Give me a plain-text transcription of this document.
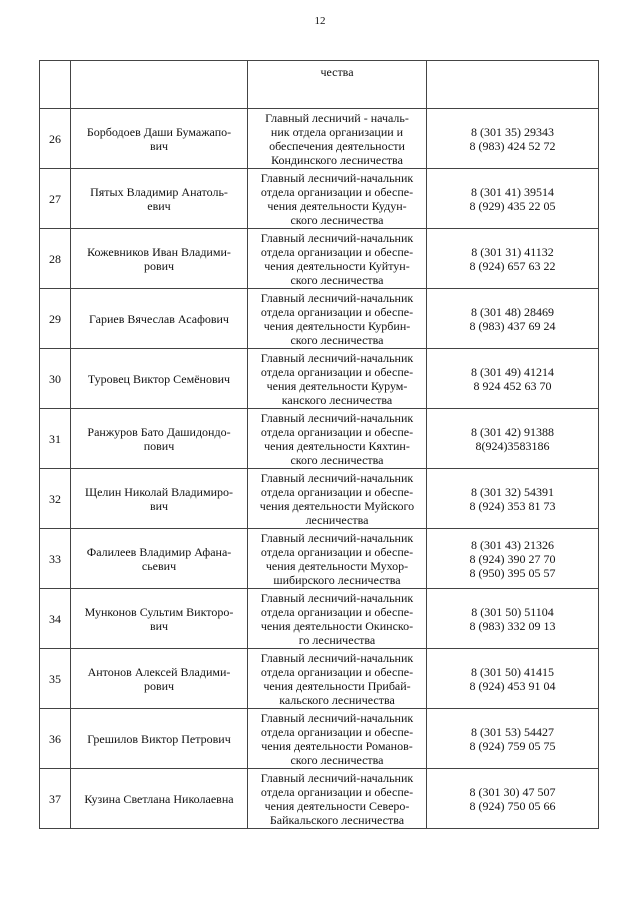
12

		чества	

26	Борбодоев Даши Бумажапо-
вич	Главный лесничий - началь-
ник отдела организации и
обеспечения деятельности
Кондинского лесничества	8 (301 35) 29343
8 (983) 424 52 72

27	Пятых Владимир Анатоль-
евич	Главный лесничий-начальник
отдела организации и обеспе-
чения деятельности Кудун-
ского лесничества	8 (301 41) 39514
8 (929) 435 22 05

28	Кожевников Иван Владими-
рович	Главный лесничий-начальник
отдела организации и обеспе-
чения деятельности Куйтун-
ского лесничества	8 (301 31) 41132
8 (924) 657 63 22

29	Гариев Вячеслав Асафович	Главный лесничий-начальник
отдела организации и обеспе-
чения деятельности Курбин-
ского лесничества	8 (301 48) 28469
8 (983) 437 69 24

30	Туровец Виктор Семёнович	Главный лесничий-начальник
отдела организации и обеспе-
чения деятельности Курум-
канского лесничества	8 (301 49) 41214
8 924 452 63 70

31	Ранжуров Бато Дашидондо-
пович	Главный лесничий-начальник
отдела организации и обеспе-
чения деятельности Кяхтин-
ского лесничества	8 (301 42) 91388
8(924)3583186

32	Щелин Николай Владимиро-
вич	Главный лесничий-начальник
отдела организации и обеспе-
чения деятельности Муйского
лесничества	8 (301 32) 54391
8 (924) 353 81 73

33	Фалилеев Владимир Афана-
сьевич	Главный лесничий-начальник
отдела организации и обеспе-
чения деятельности Мухор-
шибирского лесничества	8 (301 43) 21326
8 (924) 390 27 70
8 (950) 395 05 57

34	Мунконов Сультим Викторо-
вич	Главный лесничий-начальник
отдела организации и обеспе-
чения деятельности Окинско-
го лесничества	8 (301 50) 51104
8 (983) 332 09 13

35	Антонов Алексей Владими-
рович	Главный лесничий-начальник
отдела организации и обеспе-
чения деятельности Прибай-
кальского лесничества	8 (301 50) 41415
8 (924) 453 91 04

36	Грешилов Виктор Петрович	Главный лесничий-начальник
отдела организации и обеспе-
чения деятельности Романов-
ского лесничества	8 (301 53) 54427
8 (924) 759 05 75

37	Кузина Светлана Николаевна	Главный лесничий-начальник
отдела организации и обеспе-
чения деятельности Северо-
Байкальского лесничества	8 (301 30) 47 507
8 (924) 750 05 66
